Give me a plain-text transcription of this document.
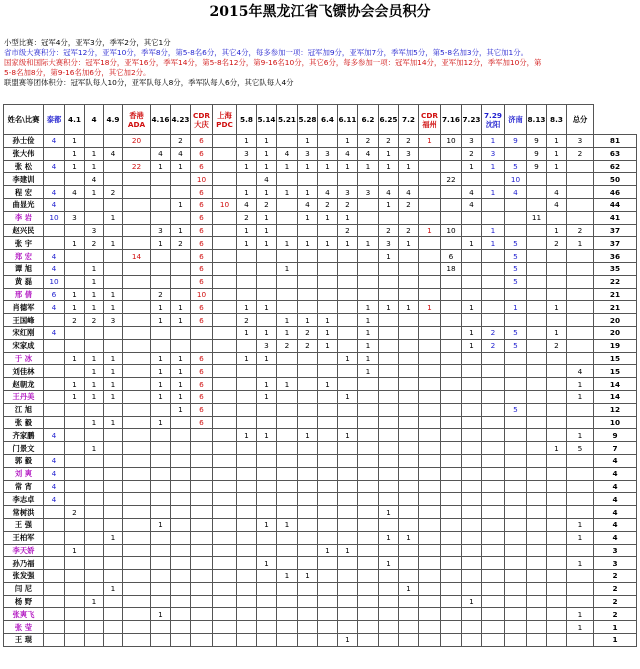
2015年黑龙江省飞镖协会会员积分
小型比赛：冠军4分，亚军3分，季军2分，其它1分
省市级大赛积分：冠军12分，亚军10分，季军8分，第5-8名6分，其它4分，每多参加一项：冠军加9分，亚军加7分，季军加5分，第5-8名加3分，其它加1分。
国家级和国际大赛积分：冠军18分，亚军16分，季军14分，第5-8名12分，第9-16名10分，其它6分，每多参加一项：冠军加14分，亚军加12分，季军加10分，第
5-8名加8分，第9-16名加6分，其它加2分。
联盟赛等团体积分：冠军队每人10分，亚军队每人8分，季军队每人6分，其它队每人4分
姓名\比赛	泰都	4.1	4	4.9	香港ADA	4.16	4.23	CDR大庆	上海PDC	5.8	5.14	5.21	5.28	6.4	6.11	6.2	6.25	7.2	CDR福州	7.16	7.23	7.29沈阳	济南	8.13	8.3	总分	
孙士俭	4	1			20		2	6		1	1		1		1	2	2	2	1	10	3	1	9	9	1	3	81
张大伟		1	1	4		4	4	6		3	1	4	3	3	4	4	1	3			2	3		9	1	2	63
张 松	4	1	1		22	1	1	6		1	1	1	1	1	1	1	1	1			1	1	5	9	1		62
李建训			4					10			4									22			10				50
程 宏	4	4	1	2				6		1	1	1	1	4	3	3	4	4			4	1	4		4		46
曲显光	4						1	6	10	4	2		4	2	2		1	2			4				4		44
李 岩	10	3		1				6		2	1		1	1	1									11			41
赵兴民			3			3	1	6		1	1				2		2	2	1	10		1			1	2	37
张 宇		1	2	1		1	2	6		1	1	1	1	1	1	1	3	1			1	1	5		2	1	37
郑 宏	4				14			6									1			6			5				36
谭 旭	4		1					6				1								18			5				35
黄 磊	10		1					6															5				22
邢 倩	6	1	1	1		2		10																			21
肖德军	4	1	1	1		1	1	6		1	1					1	1	1	1		1		1		1		21
王国峰		2	2	3		1	1	6		2		1	1	1		1											20
宋红刚	4									1	1	1	2	1		1					1	2	5		1		20
宋家成											3	2	2	1		1					1	2	5		2		19
于 冰		1	1	1		1	1	6		1	1				1	1											15
刘佳林			1	1		1	1	6								1										4	15
赵朝龙		1	1	1		1	1	6			1	1		1												1	14
王丹美		1	1	1		1	1	6			1				1											1	14
江 旭							1	6															5				12
张 毅			1	1		1		6																			10
齐家鹏	4									1	1		1		1											1	9
门景文			1																						1	5	7
郭 毅	4																										4
刘 爽	4																										4
常 宵	4																										4
李志卓	4																										4
常树洪		2															1										4
王 强						1					1	1														1	4
王柏军				1													1	1								1	4
李天娇		1												1	1												3
孙乃福											1						1									1	3
张发强												1	1														2
闫 尼				1														1									2
杨 野			1																		1						2
张爽飞						1																				1	2
张 莹																										1	1
王 琨															1												1
